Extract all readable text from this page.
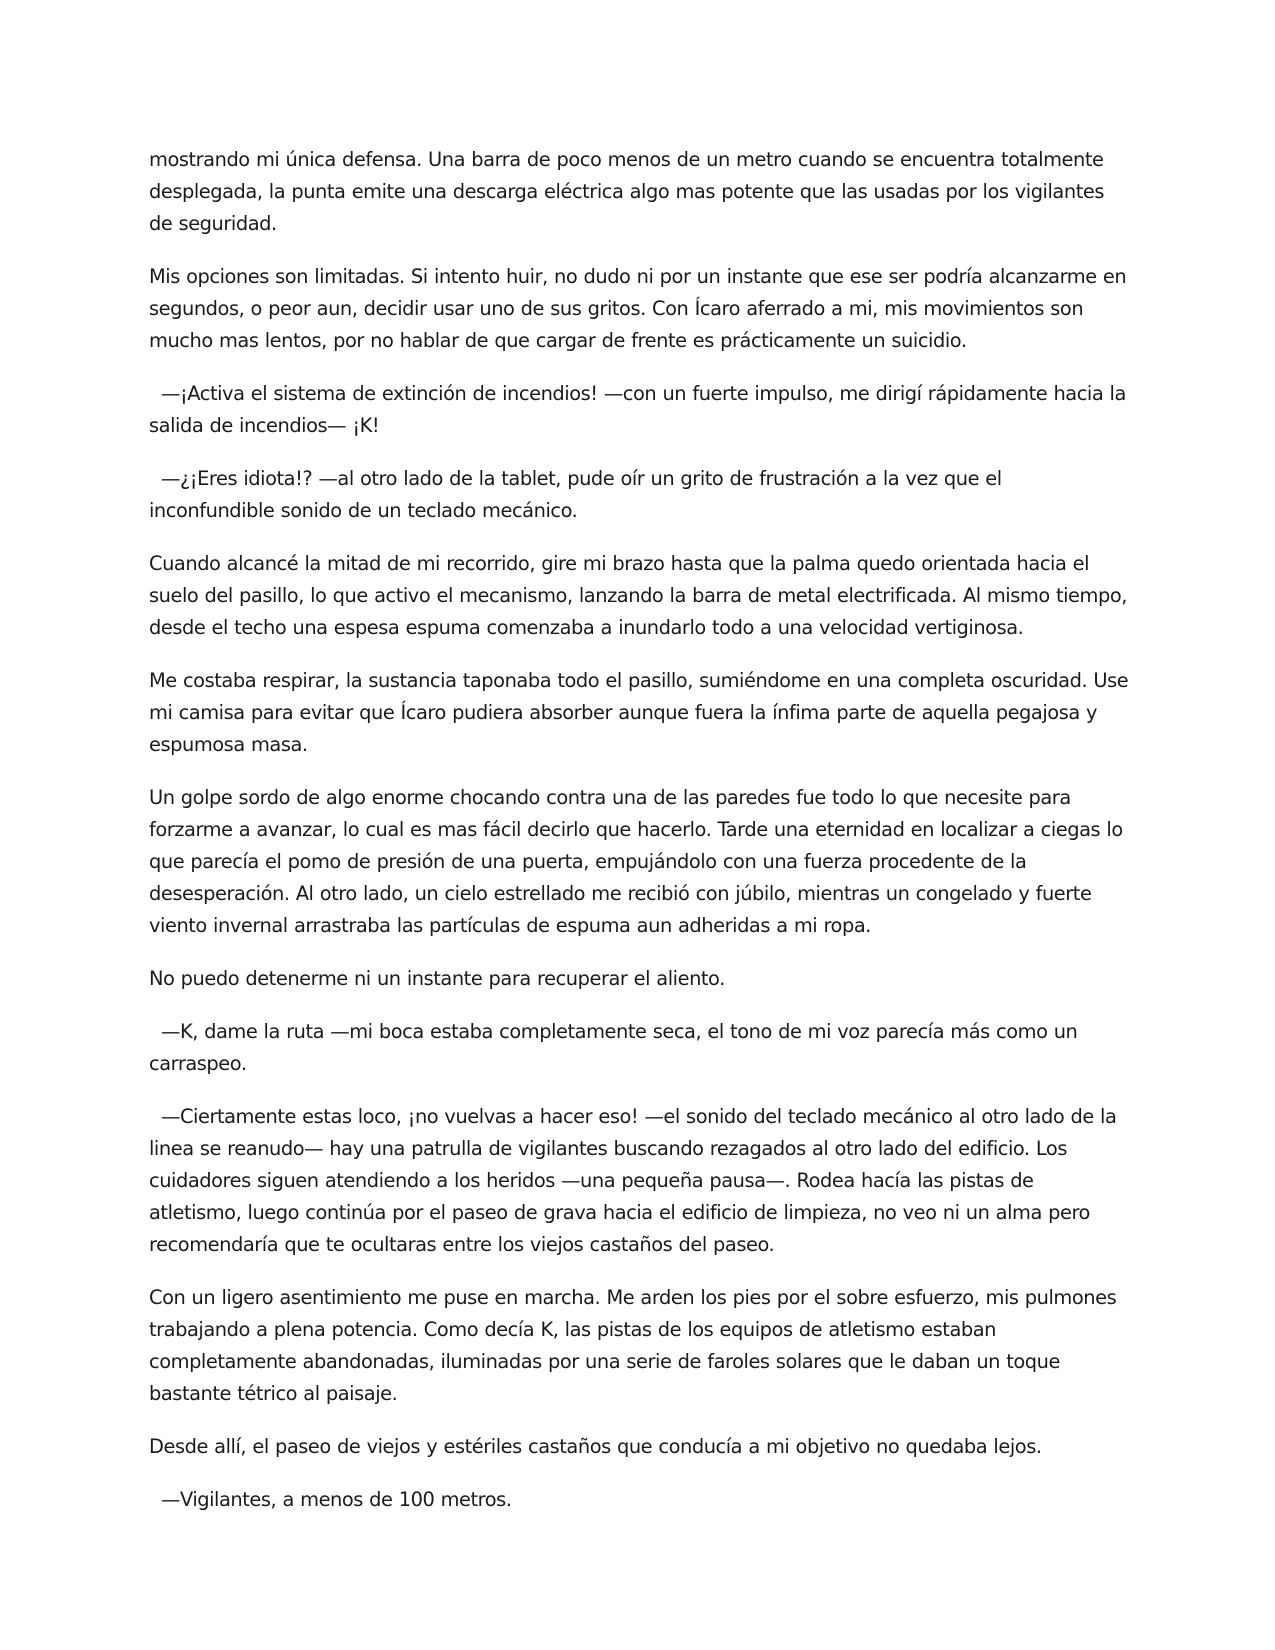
mostrando mi única defensa. Una barra de poco menos de un metro cuando se encuentra totalmente desplegada, la punta emite una descarga eléctrica algo mas potente que las usadas por los vigilantes de seguridad.

Mis opciones son limitadas. Si intento huir, no dudo ni por un instante que ese ser podría alcanzarme en segundos, o peor aun, decidir usar uno de sus gritos. Con Ícaro aferrado a mi, mis movimientos son mucho mas lentos, por no hablar de que cargar de frente es prácticamente un suicidio.

—¡Activa el sistema de extinción de incendios! —con un fuerte impulso, me dirigí rápidamente hacia la salida de incendios— ¡K!

—¿¡Eres idiota!? —al otro lado de la tablet, pude oír un grito de frustración a la vez que el inconfundible sonido de un teclado mecánico.

Cuando alcancé la mitad de mi recorrido, gire mi brazo hasta que la palma quedo orientada hacia el suelo del pasillo, lo que activo el mecanismo, lanzando la barra de metal electrificada. Al mismo tiempo, desde el techo una espesa espuma comenzaba a inundarlo todo a una velocidad vertiginosa.

Me costaba respirar, la sustancia taponaba todo el pasillo, sumiéndome en una completa oscuridad. Use mi camisa para evitar que Ícaro pudiera absorber aunque fuera la ínfima parte de aquella pegajosa y espumosa masa.

Un golpe sordo de algo enorme chocando contra una de las paredes fue todo lo que necesite para forzarme a avanzar, lo cual es mas fácil decirlo que hacerlo. Tarde una eternidad en localizar a ciegas lo que parecía el pomo de presión de una puerta, empujándolo con una fuerza procedente de la desesperación. Al otro lado, un cielo estrellado me recibió con júbilo, mientras un congelado y fuerte viento invernal arrastraba las partículas de espuma aun adheridas a mi ropa.

No puedo detenerme ni un instante para recuperar el aliento.

—K, dame la ruta —mi boca estaba completamente seca, el tono de mi voz parecía más como un carraspeo.

—Ciertamente estas loco, ¡no vuelvas a hacer eso! —el sonido del teclado mecánico al otro lado de la linea se reanudo— hay una patrulla de vigilantes buscando rezagados al otro lado del edificio. Los cuidadores siguen atendiendo a los heridos —una pequeña pausa—. Rodea hacía las pistas de atletismo, luego continúa por el paseo de grava hacia el edificio de limpieza, no veo ni un alma pero recomendaría que te ocultaras entre los viejos castaños del paseo.

Con un ligero asentimiento me puse en marcha. Me arden los pies por el sobre esfuerzo, mis pulmones trabajando a plena potencia. Como decía K, las pistas de los equipos de atletismo estaban completamente abandonadas, iluminadas por una serie de faroles solares que le daban un toque bastante tétrico al paisaje.

Desde allí, el paseo de viejos y estériles castaños que conducía a mi objetivo no quedaba lejos.

—Vigilantes, a menos de 100 metros.
